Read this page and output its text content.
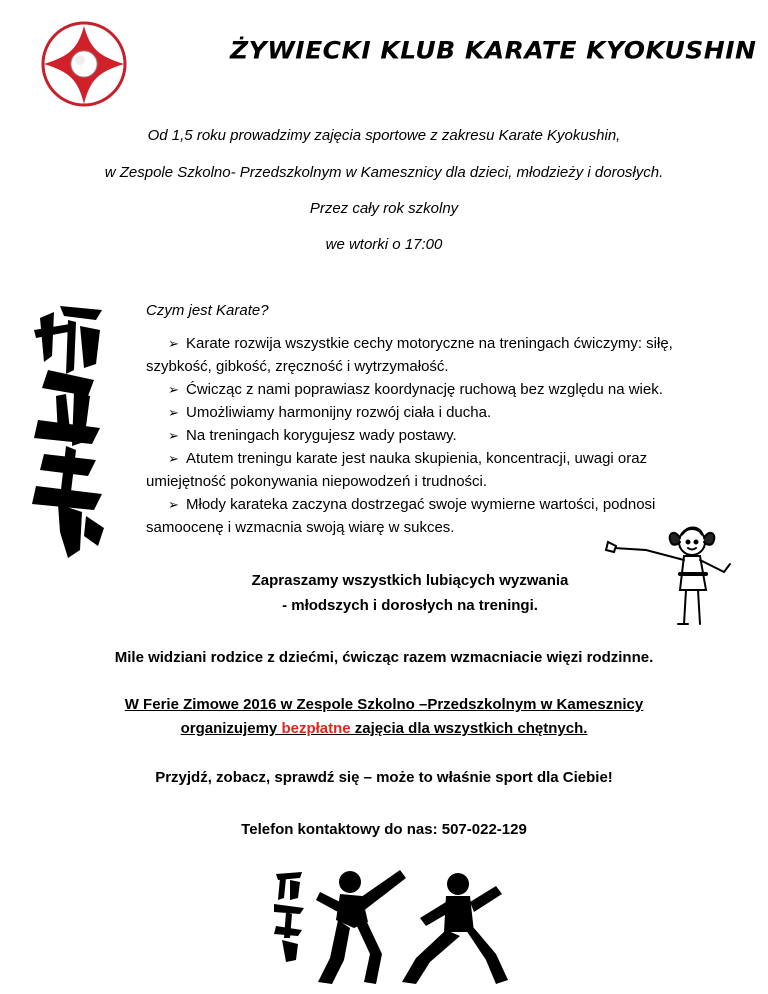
ŻYWIECKI KLUB KARATE KYOKUSHIN
Od 1,5 roku prowadzimy zajęcia sportowe z zakresu Karate Kyokushin,
w Zespole Szkolno- Przedszkolnym w Kamesznicy dla dzieci, młodzieży i dorosłych.
Przez cały rok szkolny
we wtorki o 17:00
Czym jest Karate?
➢ Karate rozwija wszystkie cechy motoryczne na treningach ćwiczymy: siłę,
szybkość, gibkość, zręczność i wytrzymałość.
➢ Ćwicząc z nami poprawiasz koordynację ruchową bez względu na wiek.
➢ Umożliwiamy harmonijny rozwój ciała i ducha.
➢ Na treningach korygujesz wady postawy.
➢ Atutem treningu karate jest nauka skupienia, koncentracji, uwagi oraz
umiejętność pokonywania niepowodzeń i trudności.
➢ Młody karateka zaczyna dostrzegać swoje wymierne wartości, podnosi
samoocenę i wzmacnia swoją wiarę w sukces.
Zapraszamy wszystkich lubiących wyzwania
- młodszych i dorosłych na treningi.
Mile widziani rodzice z dziećmi, ćwicząc razem wzmacniacie więzi rodzinne.
W Ferie Zimowe 2016 w Zespole Szkolno –Przedszkolnym w Kamesznicy
organizujemy bezpłatne zajęcia dla wszystkich chętnych.
Przyjdź, zobacz, sprawdź się – może to właśnie sport dla Ciebie!
Telefon kontaktowy do nas: 507-022-129
